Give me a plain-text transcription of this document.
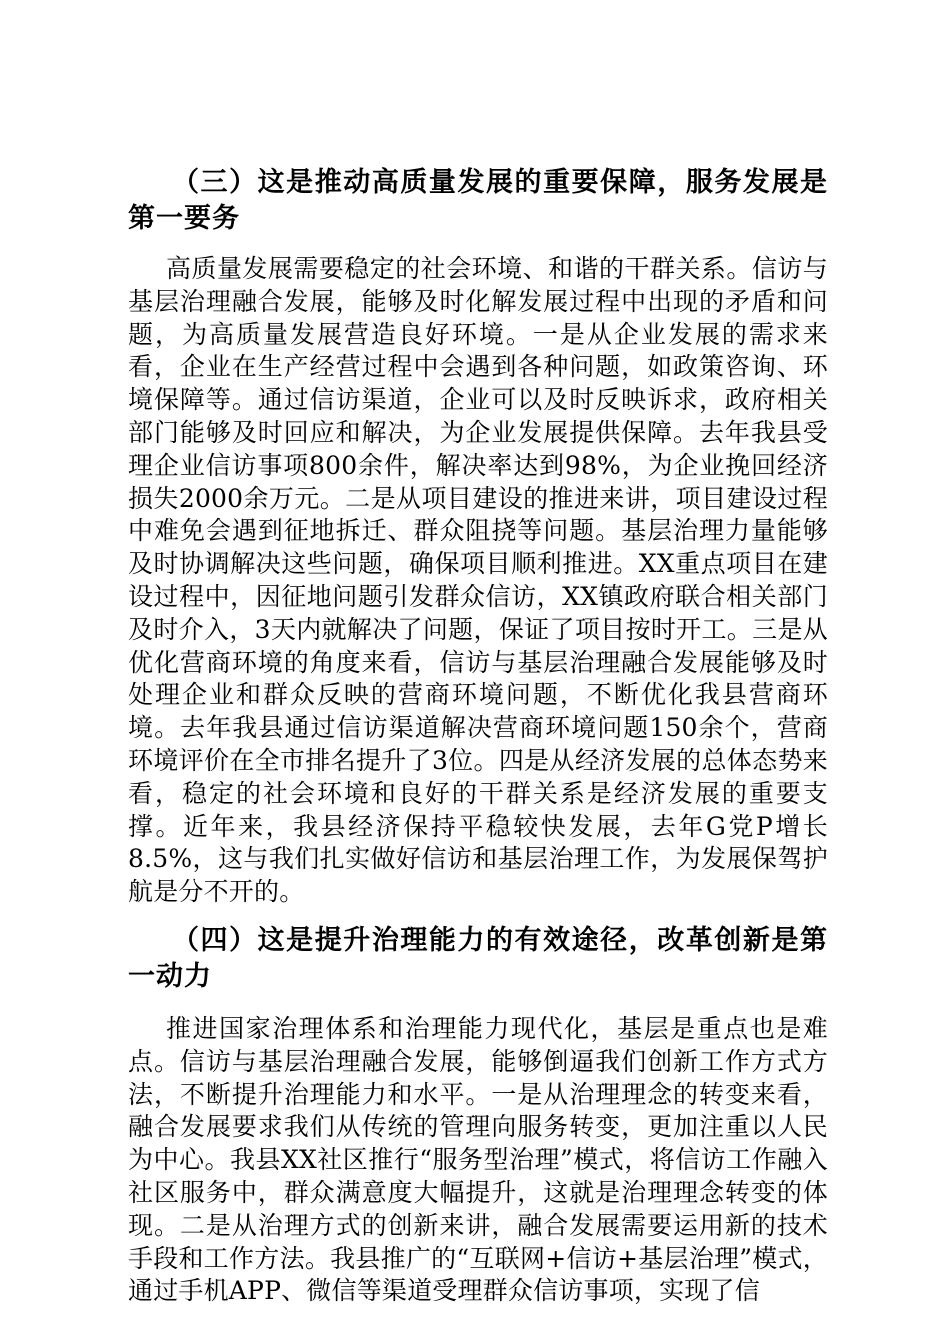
（三）这是推动高质量发展的重要保障，服务发展是第一要务

高质量发展需要稳定的社会环境、和谐的干群关系。信访与基层治理融合发展，能够及时化解发展过程中出现的矛盾和问题，为高质量发展营造良好环境。一是从企业发展的需求来看，企业在生产经营过程中会遇到各种问题，如政策咨询、环境保障等。通过信访渠道，企业可以及时反映诉求，政府相关部门能够及时回应和解决，为企业发展提供保障。去年我县受理企业信访事项800余件，解决率达到98%，为企业挽回经济损失2000余万元。二是从项目建设的推进来讲，项目建设过程中难免会遇到征地拆迁、群众阻挠等问题。基层治理力量能够及时协调解决这些问题，确保项目顺利推进。XX重点项目在建设过程中，因征地问题引发群众信访，XX镇政府联合相关部门及时介入，3天内就解决了问题，保证了项目按时开工。三是从优化营商环境的角度来看，信访与基层治理融合发展能够及时处理企业和群众反映的营商环境问题，不断优化我县营商环境。去年我县通过信访渠道解决营商环境问题150余个，营商环境评价在全市排名提升了3位。四是从经济发展的总体态势来看，稳定的社会环境和良好的干群关系是经济发展的重要支撑。近年来，我县经济保持平稳较快发展，去年G党P增长8.5%，这与我们扎实做好信访和基层治理工作，为发展保驾护航是分不开的。

（四）这是提升治理能力的有效途径，改革创新是第一动力

推进国家治理体系和治理能力现代化，基层是重点也是难点。信访与基层治理融合发展，能够倒逼我们创新工作方式方法，不断提升治理能力和水平。一是从治理理念的转变来看，融合发展要求我们从传统的管理向服务转变，更加注重以人民为中心。我县XX社区推行“服务型治理”模式，将信访工作融入社区服务中，群众满意度大幅提升，这就是治理理念转变的体现。二是从治理方式的创新来讲，融合发展需要运用新的技术手段和工作方法。我县推广的“互联网+信访+基层治理”模式，通过手机APP、微信等渠道受理群众信访事项，实现了信
